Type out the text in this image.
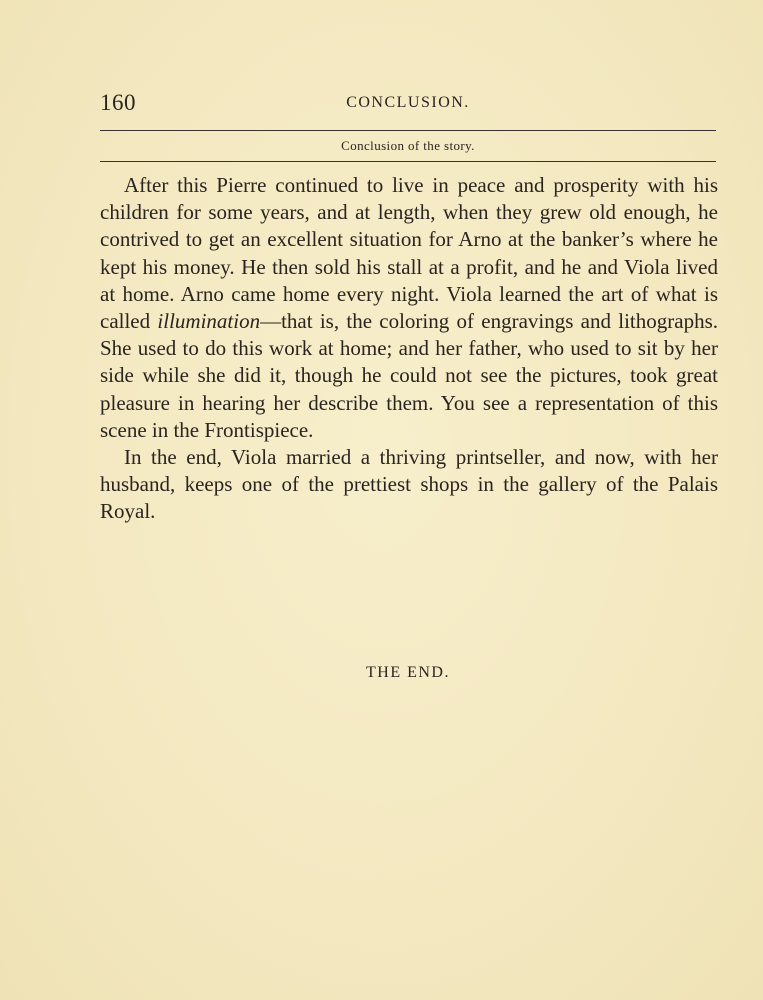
160	CONCLUSION.
Conclusion of the story.

After this Pierre continued to live in peace and prosperity with his children for some years, and at length, when they grew old enough, he contrived to get an excellent situation for Arno at the banker’s where he kept his money. He then sold his stall at a profit, and he and Viola lived at home. Arno came home every night. Viola learned the art of what is called illumination—that is, the coloring of engravings and lithographs. She used to do this work at home; and her father, who used to sit by her side while she did it, though he could not see the pictures, took great pleasure in hearing her describe them. You see a representation of this scene in the Frontispiece.

In the end, Viola married a thriving printseller, and now, with her husband, keeps one of the prettiest shops in the gallery of the Palais Royal.

THE END.
